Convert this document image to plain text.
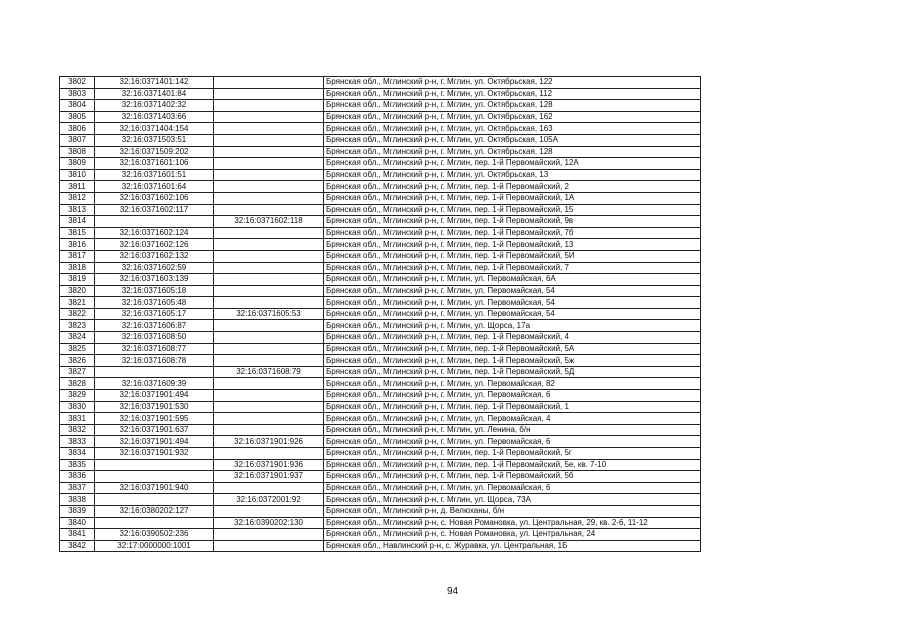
3802	32:16:0371401:142		Брянская обл., Мглинский р-н, г. Мглин, ул. Октябрьская, 122
3803	32:16:0371401:84		Брянская обл., Мглинский р-н, г. Мглин, ул. Октябрьская, 112
3804	32:16:0371402:32		Брянская обл., Мглинский р-н, г. Мглин, ул. Октябрьская, 128
3805	32:16:0371403:66		Брянская обл., Мглинский р-н, г. Мглин, ул. Октябрьская, 162
3806	32:16:0371404:154		Брянская обл., Мглинский р-н, г. Мглин, ул. Октябрьская, 163
3807	32:16:0371503:51		Брянская обл., Мглинский р-н, г. Мглин, ул. Октябрьская, 105А
3808	32:16:0371509:202		Брянская обл., Мглинский р-н, г. Мглин, ул. Октябрьская, 128
3809	32:16:0371601:106		Брянская обл., Мглинский р-н, г. Мглин, пер. 1-й Первомайский, 12А
3810	32:16:0371601:51		Брянская обл., Мглинский р-н, г. Мглин, ул. Октябрьская, 13
3811	32:16:0371601:64		Брянская обл., Мглинский р-н, г. Мглин, пер. 1-й Первомайский, 2
3812	32:16:0371602:106		Брянская обл., Мглинский р-н, г. Мглин, пер. 1-й Первомайский, 1А
3813	32:16:0371602:117		Брянская обл., Мглинский р-н, г. Мглин, пер. 1-й Первомайский, 15
3814		32:16:0371602:118	Брянская обл., Мглинский р-н, г. Мглин, пер. 1-й Первомайский, 9в
3815	32:16:0371602:124		Брянская обл., Мглинский р-н, г. Мглин, пер. 1-й Первомайский, 7б
3816	32:16:0371602:126		Брянская обл., Мглинский р-н, г. Мглин, пер. 1-й Первомайский, 13
3817	32:16:0371602:132		Брянская обл., Мглинский р-н, г. Мглин, пер. 1-й Первомайский, 5И
3818	32:16:0371602:59		Брянская обл., Мглинский р-н, г. Мглин, пер. 1-й Первомайский, 7
3819	32:16:0371603:139		Брянская обл., Мглинский р-н, г. Мглин, ул. Первомайская, 6А
3820	32:16:0371605:18		Брянская обл., Мглинский р-н, г. Мглин, ул. Первомайская, 54
3821	32:16:0371605:48		Брянская обл., Мглинский р-н, г. Мглин, ул. Первомайская, 54
3822	32:16:0371605:17	32:16:0371605:53	Брянская обл., Мглинский р-н, г. Мглин, ул. Первомайская, 54
3823	32:16:0371606:87		Брянская обл., Мглинский р-н, г. Мглин, ул. Щорса, 17а
3824	32:16:0371608:50		Брянская обл., Мглинский р-н, г. Мглин, пер. 1-й Первомайский, 4
3825	32:16:0371608:77		Брянская обл., Мглинский р-н, г. Мглин, пер. 1-й Первомайский, 5А
3826	32:16:0371608:78		Брянская обл., Мглинский р-н, г. Мглин, пер. 1-й Первомайский, 5ж
3827		32:16:0371608:79	Брянская обл., Мглинский р-н, г. Мглин, пер. 1-й Первомайский, 5Д
3828	32:16:0371609:39		Брянская обл., Мглинский р-н, г. Мглин, ул. Первомайская, 82
3829	32:16:0371901:494		Брянская обл., Мглинский р-н, г. Мглин, ул. Первомайская, 6
3830	32:16:0371901:530		Брянская обл., Мглинский р-н, г. Мглин, пер. 1-й Первомайский, 1
3831	32:16:0371901:595		Брянская обл., Мглинский р-н, г. Мглин, ул. Первомайская, 4
3832	32:16:0371901:637		Брянская обл., Мглинский р-н, г. Мглин, ул. Ленина, б/н
3833	32:16:0371901:494	32:16:0371901:926	Брянская обл., Мглинский р-н, г. Мглин, ул. Первомайская, 6
3834	32:16:0371901:932		Брянская обл., Мглинский р-н, г. Мглин, пер. 1-й Первомайский, 5г
3835		32:16:0371901:936	Брянская обл., Мглинский р-н, г. Мглин, пер. 1-й Первомайский, 5е, кв. 7-10
3836		32:16:0371901:937	Брянская обл., Мглинский р-н, г. Мглин, пер. 1-й Первомайский, 5б
3837	32:16:0371901:940		Брянская обл., Мглинский р-н, г. Мглин, ул. Первомайская, 6
3838		32:16:0372001:92	Брянская обл., Мглинский р-н, г. Мглин, ул. Щорса, 73А
3839	32:16:0380202:127		Брянская обл., Мглинский р-н, д. Велюханы, б/н
3840		32:16:0390202:130	Брянская обл., Мглинский р-н, с. Новая Романовка, ул. Центральная, 29, кв. 2-6, 11-12
3841	32:16:0390502:236		Брянская обл., Мглинский р-н, с. Новая Романовка, ул. Центральная, 24
3842	32:17:0000000:1001		Брянская обл., Навлинский р-н, с. Журавка, ул. Центральная, 1Б
94
